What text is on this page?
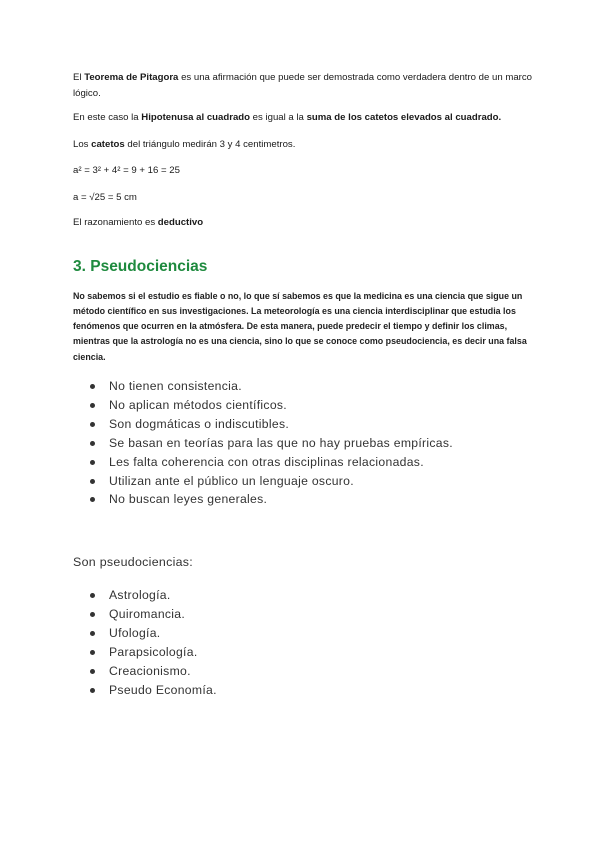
El Teorema de Pitagora es una afirmación que puede ser demostrada como verdadera dentro de un marco lógico.

En este caso la Hipotenusa al cuadrado es igual a la suma de los catetos elevados al cuadrado.

Los catetos del triángulo medirán 3 y 4 centimetros.

a² = 3² + 4² = 9 + 16 = 25

a = √25 = 5 cm

El razonamiento es deductivo

3. Pseudociencias

No sabemos si el estudio es fiable o no, lo que sí sabemos es que la medicina es una ciencia que sigue un método científico en sus investigaciones. La meteorología es una ciencia interdisciplinar que estudia los fenómenos que ocurren en la atmósfera. De esta manera, puede predecir el tiempo y definir los climas, mientras que la astrología no es una ciencia, sino lo que se conoce como pseudociencia, es decir una falsa ciencia.

No tienen consistencia.
No aplican métodos científicos.
Son dogmáticas o indiscutibles.
Se basan en teorías para las que no hay pruebas empíricas.
Les falta coherencia con otras disciplinas relacionadas.
Utilizan ante el público un lenguaje oscuro.
No buscan leyes generales.

Son pseudociencias:

Astrología.
Quiromancia.
Ufología.
Parapsicología.
Creacionismo.
Pseudo Economía.
